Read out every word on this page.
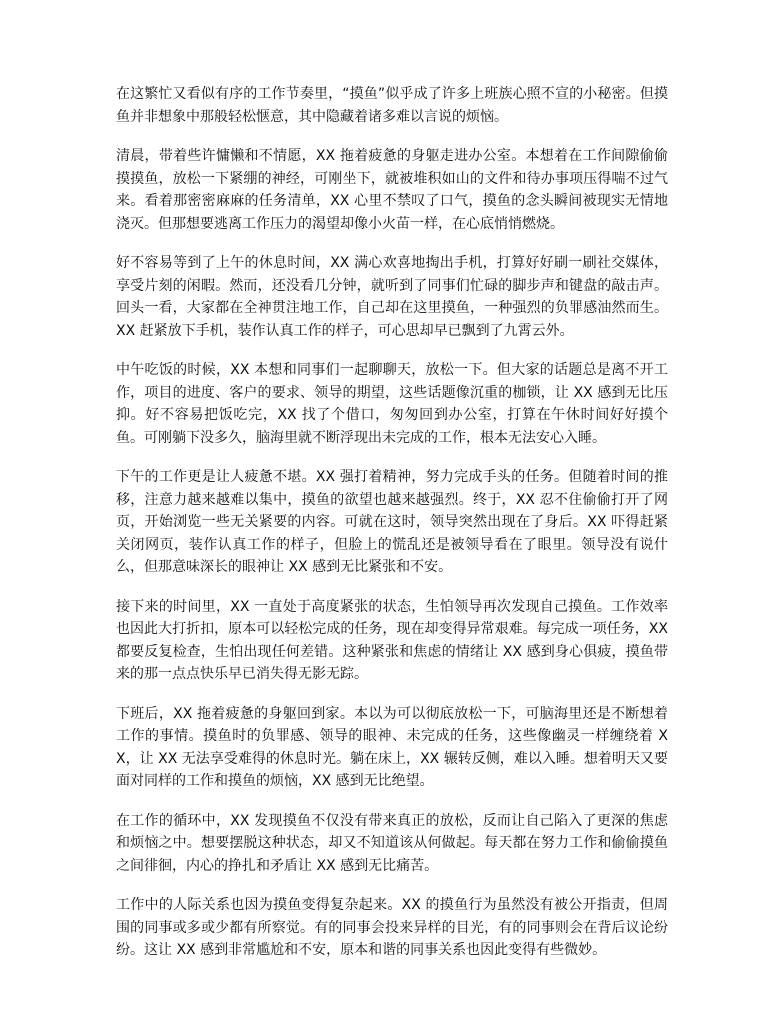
在这繁忙又看似有序的工作节奏里，“摸鱼”似乎成了许多上班族心照不宣的小秘密。但摸鱼并非想象中那般轻松惬意，其中隐藏着诸多难以言说的烦恼。

清晨，带着些许慵懒和不情愿，XX 拖着疲惫的身躯走进办公室。本想着在工作间隙偷偷摸摸鱼，放松一下紧绷的神经，可刚坐下，就被堆积如山的文件和待办事项压得喘不过气来。看着那密密麻麻的任务清单，XX 心里不禁叹了口气，摸鱼的念头瞬间被现实无情地浇灭。但那想要逃离工作压力的渴望却像小火苗一样，在心底悄悄燃烧。

好不容易等到了上午的休息时间，XX 满心欢喜地掏出手机，打算好好刷一刷社交媒体，享受片刻的闲暇。然而，还没看几分钟，就听到了同事们忙碌的脚步声和键盘的敲击声。回头一看，大家都在全神贯注地工作，自己却在这里摸鱼，一种强烈的负罪感油然而生。XX 赶紧放下手机，装作认真工作的样子，可心思却早已飘到了九霄云外。

中午吃饭的时候，XX 本想和同事们一起聊聊天，放松一下。但大家的话题总是离不开工作，项目的进度、客户的要求、领导的期望，这些话题像沉重的枷锁，让 XX 感到无比压抑。好不容易把饭吃完，XX 找了个借口，匆匆回到办公室，打算在午休时间好好摸个鱼。可刚躺下没多久，脑海里就不断浮现出未完成的工作，根本无法安心入睡。

下午的工作更是让人疲惫不堪。XX 强打着精神，努力完成手头的任务。但随着时间的推移，注意力越来越难以集中，摸鱼的欲望也越来越强烈。终于，XX 忍不住偷偷打开了网页，开始浏览一些无关紧要的内容。可就在这时，领导突然出现在了身后。XX 吓得赶紧关闭网页，装作认真工作的样子，但脸上的慌乱还是被领导看在了眼里。领导没有说什么，但那意味深长的眼神让 XX 感到无比紧张和不安。

接下来的时间里，XX 一直处于高度紧张的状态，生怕领导再次发现自己摸鱼。工作效率也因此大打折扣，原本可以轻松完成的任务，现在却变得异常艰难。每完成一项任务，XX 都要反复检查，生怕出现任何差错。这种紧张和焦虑的情绪让 XX 感到身心俱疲，摸鱼带来的那一点点快乐早已消失得无影无踪。

下班后，XX 拖着疲惫的身躯回到家。本以为可以彻底放松一下，可脑海里还是不断想着工作的事情。摸鱼时的负罪感、领导的眼神、未完成的任务，这些像幽灵一样缠绕着 XX，让 XX 无法享受难得的休息时光。躺在床上，XX 辗转反侧，难以入睡。想着明天又要面对同样的工作和摸鱼的烦恼，XX 感到无比绝望。

在工作的循环中，XX 发现摸鱼不仅没有带来真正的放松，反而让自己陷入了更深的焦虑和烦恼之中。想要摆脱这种状态，却又不知道该从何做起。每天都在努力工作和偷偷摸鱼之间徘徊，内心的挣扎和矛盾让 XX 感到无比痛苦。

工作中的人际关系也因为摸鱼变得复杂起来。XX 的摸鱼行为虽然没有被公开指责，但周围的同事或多或少都有所察觉。有的同事会投来异样的目光，有的同事则会在背后议论纷纷。这让 XX 感到非常尴尬和不安，原本和谐的同事关系也因此变得有些微妙。
